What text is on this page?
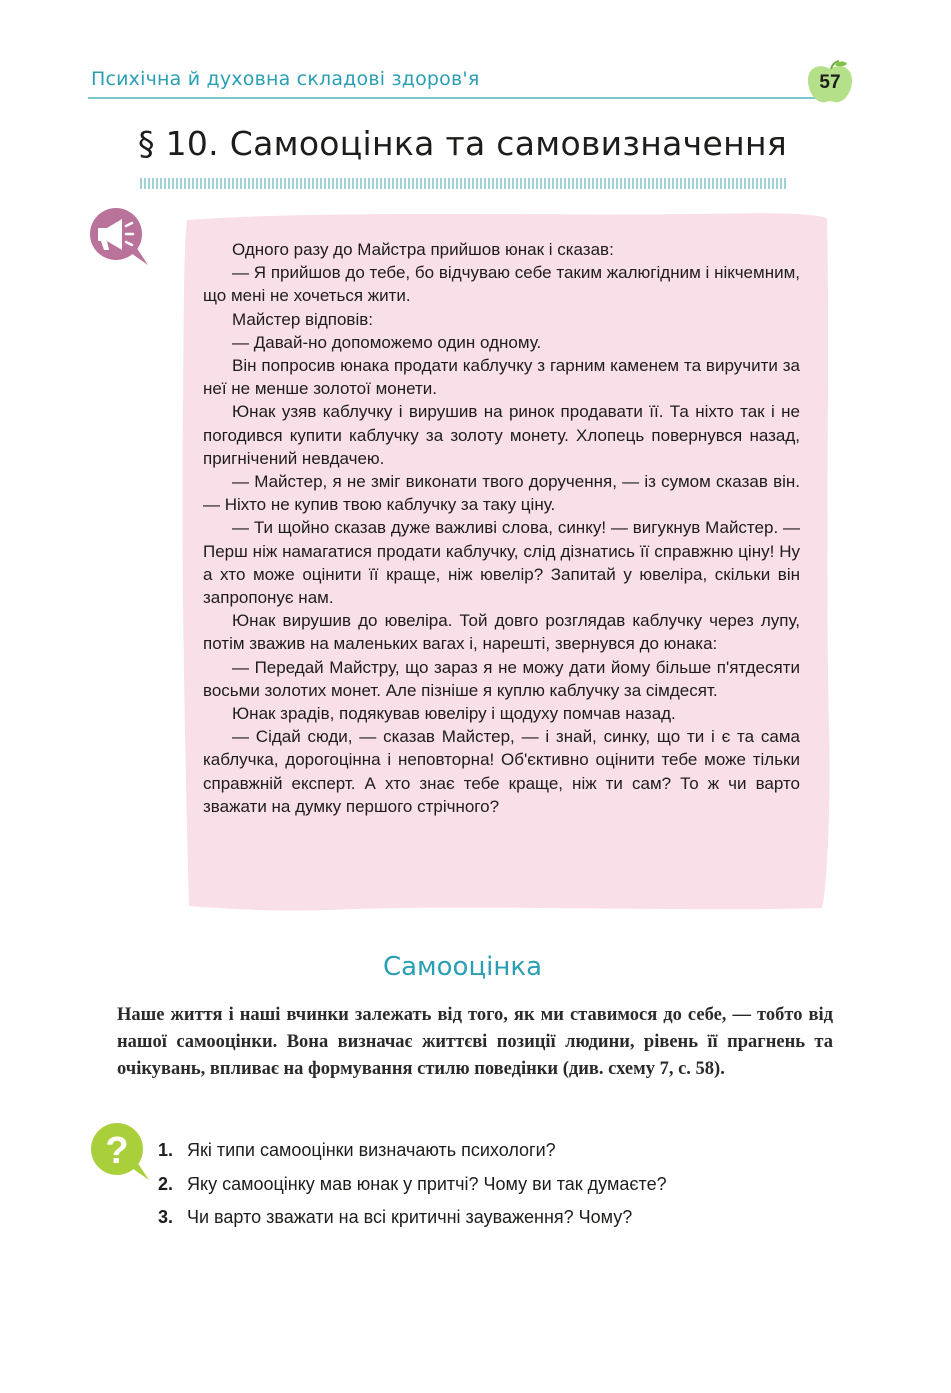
Психічна й духовна складові здоров'я	57
§ 10. Самооцінка та самовизначення

Одного разу до Майстра прийшов юнак і сказав:

— Я прийшов до тебе, бо відчуваю себе таким жалюгідним і нікчемним, що мені не хочеться жити.

Майстер відповів:

— Давай-но допоможемо один одному.

Він попросив юнака продати каблучку з гарним каменем та виручити за неї не менше золотої монети.

Юнак узяв каблучку і вирушив на ринок продавати її. Та ніхто так і не погодився купити каблучку за золоту монету. Хлопець повернувся назад, пригнічений невдачею.

— Майстер, я не зміг виконати твого доручення, — із сумом сказав він. — Ніхто не купив твою каблучку за таку ціну.

— Ти щойно сказав дуже важливі слова, синку! — вигукнув Майстер. — Перш ніж намагатися продати каблучку, слід дізнатись її справжню ціну! Ну а хто може оцінити її краще, ніж ювелір? Запитай у ювеліра, скільки він запропонує нам.

Юнак вирушив до ювеліра. Той довго розглядав каблучку через лупу, потім зважив на маленьких вагах і, нарешті, звернувся до юнака:

— Передай Майстру, що зараз я не можу дати йому більше п'ятдесяти восьми золотих монет. Але пізніше я куплю каблучку за сімдесят.

Юнак зрадів, подякував ювеліру і щодуху помчав назад.

— Сідай сюди, — сказав Майстер, — і знай, синку, що ти і є та сама каблучка, дорогоцінна і неповторна! Об'єктивно оцінити тебе може тільки справжній експерт. А хто знає тебе краще, ніж ти сам? То ж чи варто зважати на думку першого стрічного?

Самооцінка

Наше життя і наші вчинки залежать від того, як ми ставимося до себе, — тобто від нашої самооцінки. Вона визначає життєві позиції людини, рівень її прагнень та очікувань, впливає на формування стилю поведінки (див. схему 7, с. 58).

? 1. Які типи самооцінки визначають психологи?
2. Яку самооцінку мав юнак у притчі? Чому ви так думаєте?
3. Чи варто зважати на всі критичні зауваження? Чому?
